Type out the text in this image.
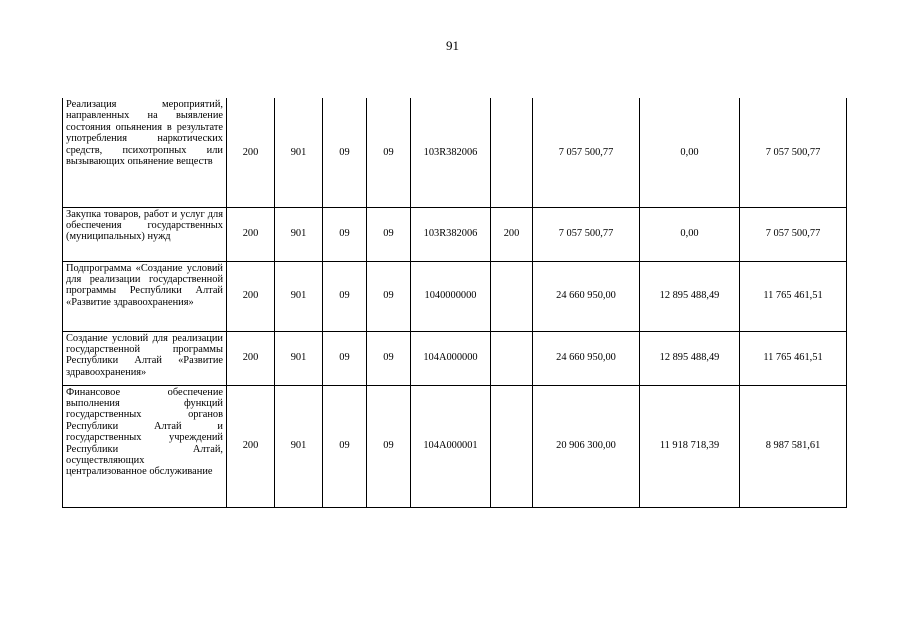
91
Реализация мероприятий, направленных на выявление состояния опьянения в результате употребления наркотических средств, психотропных или вызывающих опьянение веществ	200	901	09	09	103R382006		7 057 500,77	0,00	7 057 500,77
Закупка товаров, работ и услуг для обеспечения государственных (муниципальных) нужд	200	901	09	09	103R382006	200	7 057 500,77	0,00	7 057 500,77
Подпрограмма «Создание условий для реализации государственной программы Республики Алтай «Развитие здравоохранения»	200	901	09	09	1040000000		24 660 950,00	12 895 488,49	11 765 461,51
Создание условий для реализации государственной программы Республики Алтай «Развитие здравоохранения»	200	901	09	09	104А000000		24 660 950,00	12 895 488,49	11 765 461,51
Финансовое обеспечение выполнения функций государственных органов Республики Алтай и государственных учреждений Республики Алтай, осуществляющих централизованное обслуживание	200	901	09	09	104А000001		20 906 300,00	11 918 718,39	8 987 581,61
